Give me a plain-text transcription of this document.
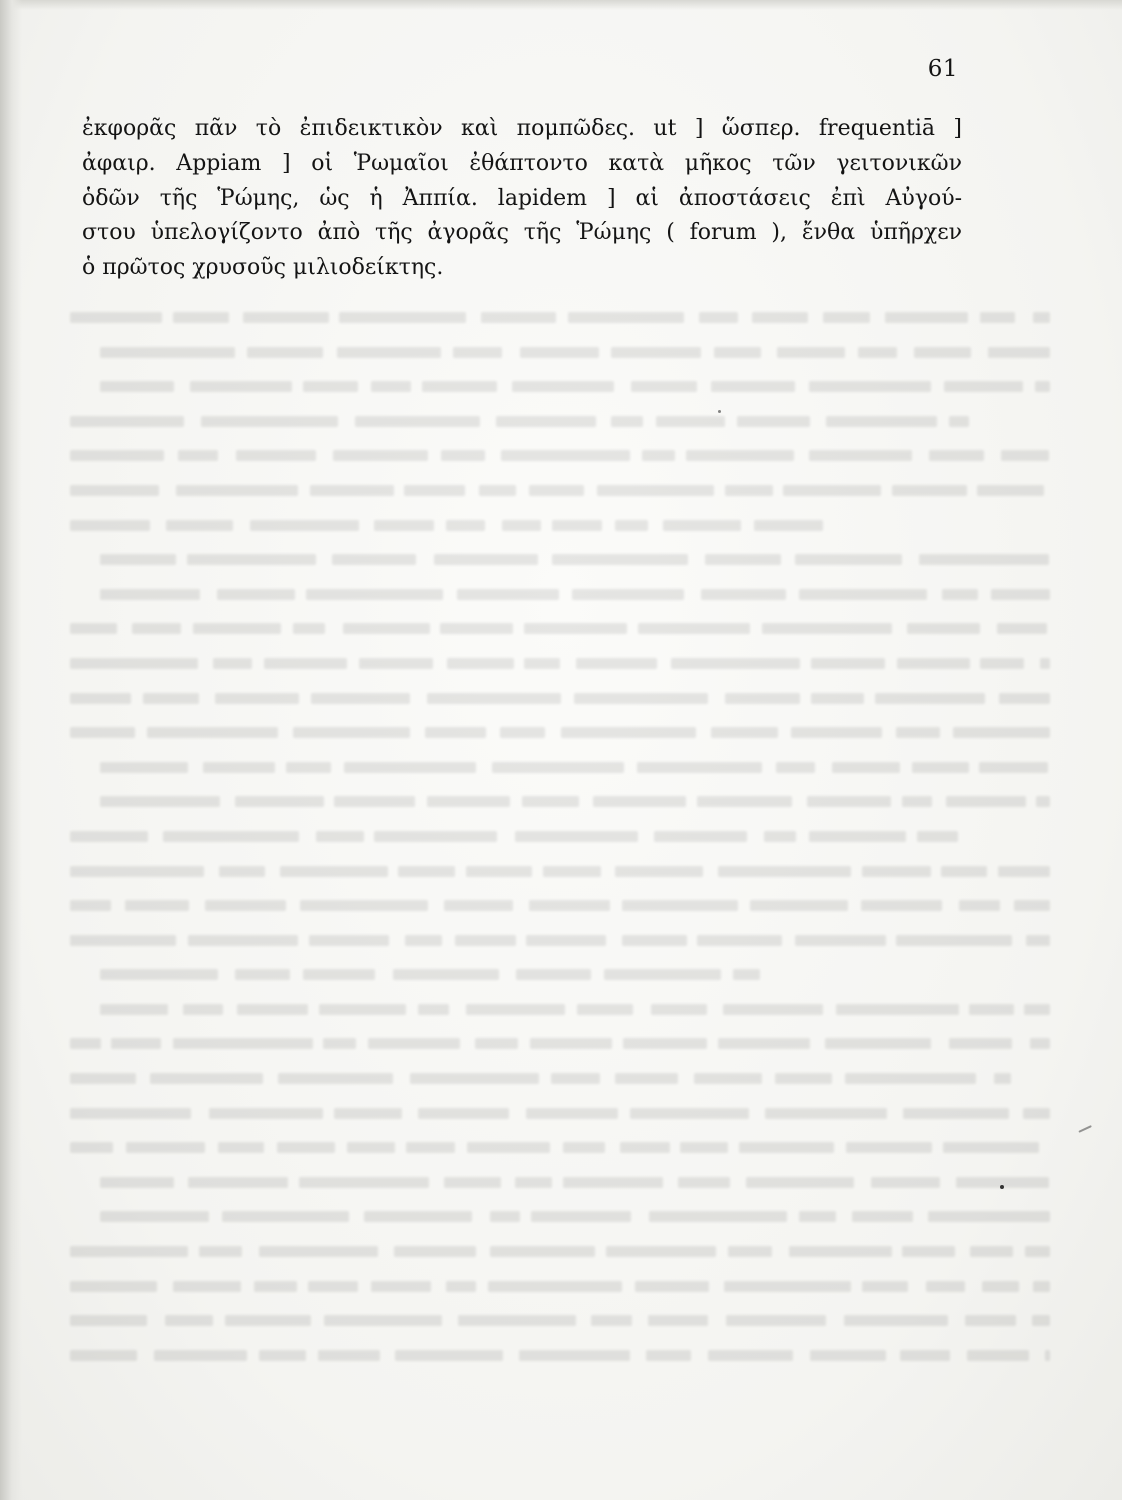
61
ἐκφορᾶς πᾶν τὸ ἐπιδεικτικὸν καὶ πομπῶδες. ut ] ὥσπερ. frequentiā ]
ἀφαιρ. Appiam ] οἱ Ῥωμαῖοι ἐθάπτοντο κατὰ μῆκος τῶν γειτονικῶν
ὁδῶν τῆς Ῥώμης, ὡς ἡ Ἀππία. lapidem ] αἱ ἀποστάσεις ἐπὶ Αὐγού-
στου ὑπελογίζοντο ἀπὸ τῆς ἀγορᾶς τῆς Ῥώμης ( forum ), ἔνθα ὑπῆρχεν
ὁ πρῶτος χρυσοῦς μιλιοδείκτης.
